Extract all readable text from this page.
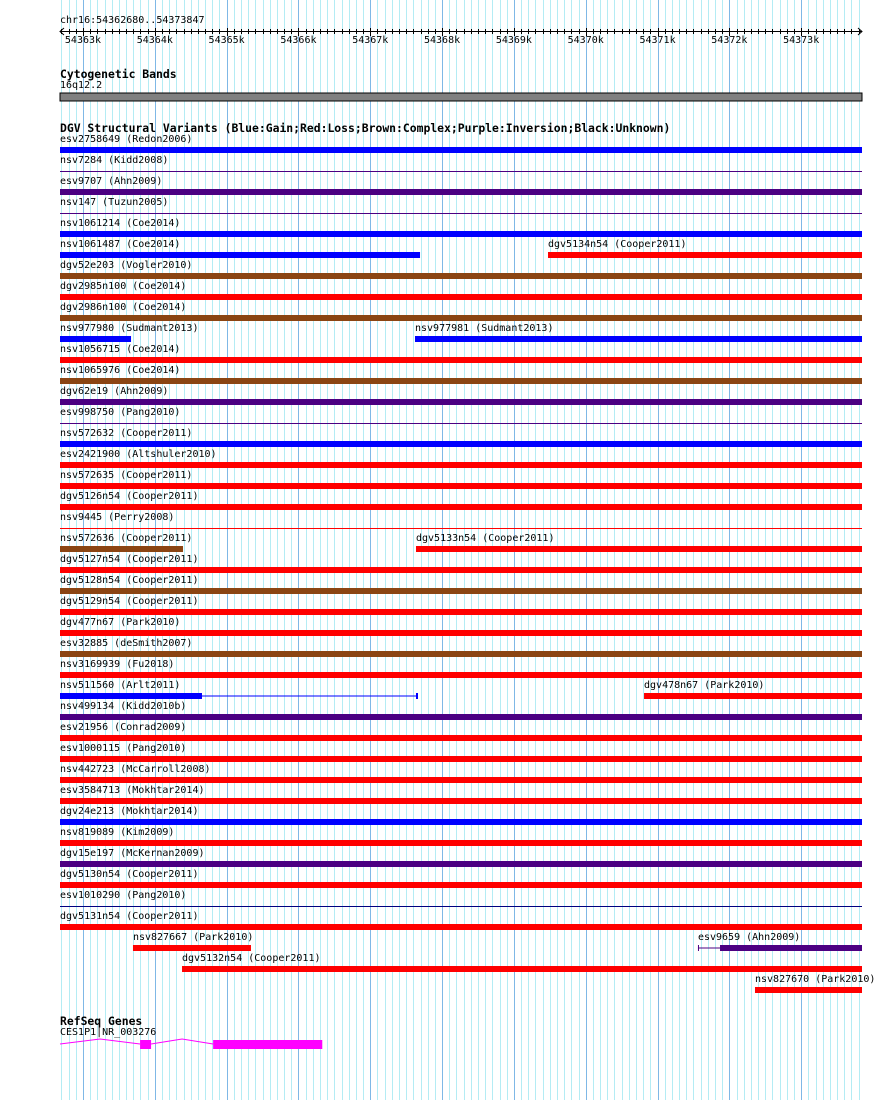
chr16:54362680..54373847
Cytogenetic Bands
16q12.2
DGV Structural Variants (Blue:Gain;Red:Loss;Brown:Complex;Purple:Inversion;Black:Unknown)
RefSeq Genes
CES1P1|NR_003276
54363k	54364k	54365k	54366k	54367k	54368k	54369k	54370k	54371k	54372k	54373k
esv2758649 (Redon2006)
nsv7284 (Kidd2008)
esv9707 (Ahn2009)
nsv147 (Tuzun2005)
nsv1061214 (Coe2014)
nsv1061487 (Coe2014)	dgv5134n54 (Cooper2011)
dgv52e203 (Vogler2010)
dgv2985n100 (Coe2014)
dgv2986n100 (Coe2014)
nsv977980 (Sudmant2013)	nsv977981 (Sudmant2013)
nsv1056715 (Coe2014)
nsv1065976 (Coe2014)
dgv62e19 (Ahn2009)
esv998750 (Pang2010)
nsv572632 (Cooper2011)
esv2421900 (Altshuler2010)
nsv572635 (Cooper2011)
dgv5126n54 (Cooper2011)
nsv9445 (Perry2008)
nsv572636 (Cooper2011)	dgv5133n54 (Cooper2011)
dgv5127n54 (Cooper2011)
dgv5128n54 (Cooper2011)
dgv5129n54 (Cooper2011)
dgv477n67 (Park2010)
esv32885 (deSmith2007)
nsv3169939 (Fu2018)
nsv511560 (Arlt2011)	dgv478n67 (Park2010)
nsv499134 (Kidd2010b)
esv21956 (Conrad2009)
esv1000115 (Pang2010)
nsv442723 (McCarroll2008)
esv3584713 (Mokhtar2014)
dgv24e213 (Mokhtar2014)
nsv819089 (Kim2009)
dgv15e197 (McKernan2009)
dgv5130n54 (Cooper2011)
esv1010290 (Pang2010)
dgv5131n54 (Cooper2011)
nsv827667 (Park2010)	esv9659 (Ahn2009)
dgv5132n54 (Cooper2011)
nsv827670 (Park2010)
